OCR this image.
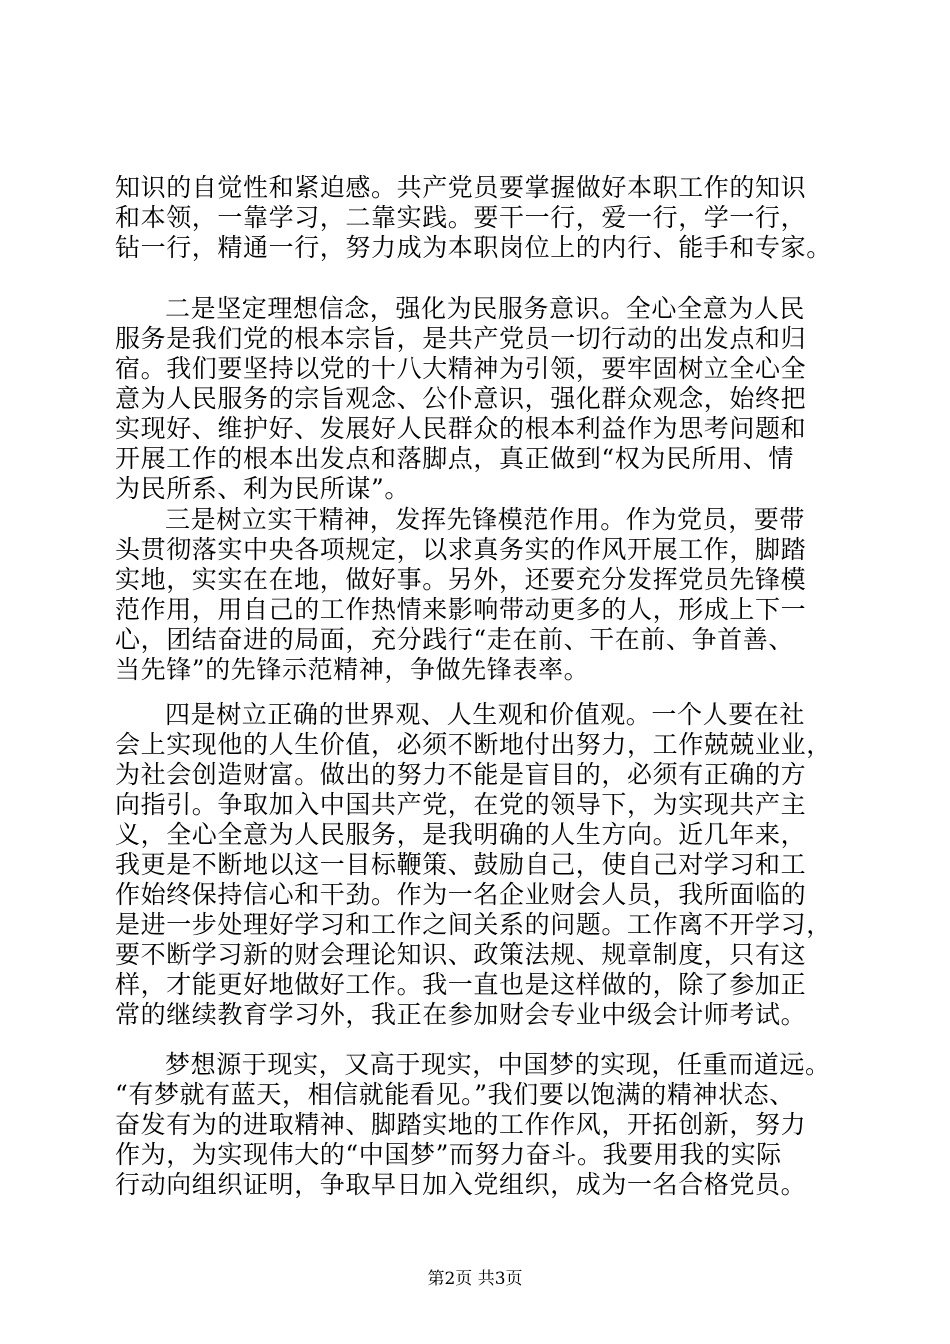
知识的自觉性和紧迫感。共产党员要掌握做好本职工作的知识
和本领，一靠学习，二靠实践。要干一行，爱一行，学一行，
钻一行，精通一行，努力成为本职岗位上的内行、能手和专家。
二是坚定理想信念，强化为民服务意识。全心全意为人民
服务是我们党的根本宗旨，是共产党员一切行动的出发点和归
宿。我们要坚持以党的十八大精神为引领，要牢固树立全心全
意为人民服务的宗旨观念、公仆意识，强化群众观念，始终把
实现好、维护好、发展好人民群众的根本利益作为思考问题和
开展工作的根本出发点和落脚点，真正做到“权为民所用、情
为民所系、利为民所谋”。
三是树立实干精神，发挥先锋模范作用。作为党员，要带
头贯彻落实中央各项规定，以求真务实的作风开展工作，脚踏
实地，实实在在地，做好事。另外，还要充分发挥党员先锋模
范作用，用自己的工作热情来影响带动更多的人，形成上下一
心，团结奋进的局面，充分践行“走在前、干在前、争首善、
当先锋”的先锋示范精神，争做先锋表率。
四是树立正确的世界观、人生观和价值观。一个人要在社
会上实现他的人生价值，必须不断地付出努力，工作兢兢业业，
为社会创造财富。做出的努力不能是盲目的，必须有正确的方
向指引。争取加入中国共产党，在党的领导下，为实现共产主
义，全心全意为人民服务，是我明确的人生方向。近几年来，
我更是不断地以这一目标鞭策、鼓励自己，使自己对学习和工
作始终保持信心和干劲。作为一名企业财会人员，我所面临的
是进一步处理好学习和工作之间关系的问题。工作离不开学习，
要不断学习新的财会理论知识、政策法规、规章制度，只有这
样，才能更好地做好工作。我一直也是这样做的，除了参加正
常的继续教育学习外，我正在参加财会专业中级会计师考试。
梦想源于现实，又高于现实，中国梦的实现，任重而道远。
“有梦就有蓝天，相信就能看见。”我们要以饱满的精神状态、
奋发有为的进取精神、脚踏实地的工作作风，开拓创新，努力
作为，为实现伟大的“中国梦”而努力奋斗。我要用我的实际
行动向组织证明，争取早日加入党组织，成为一名合格党员。
第2页 共3页
